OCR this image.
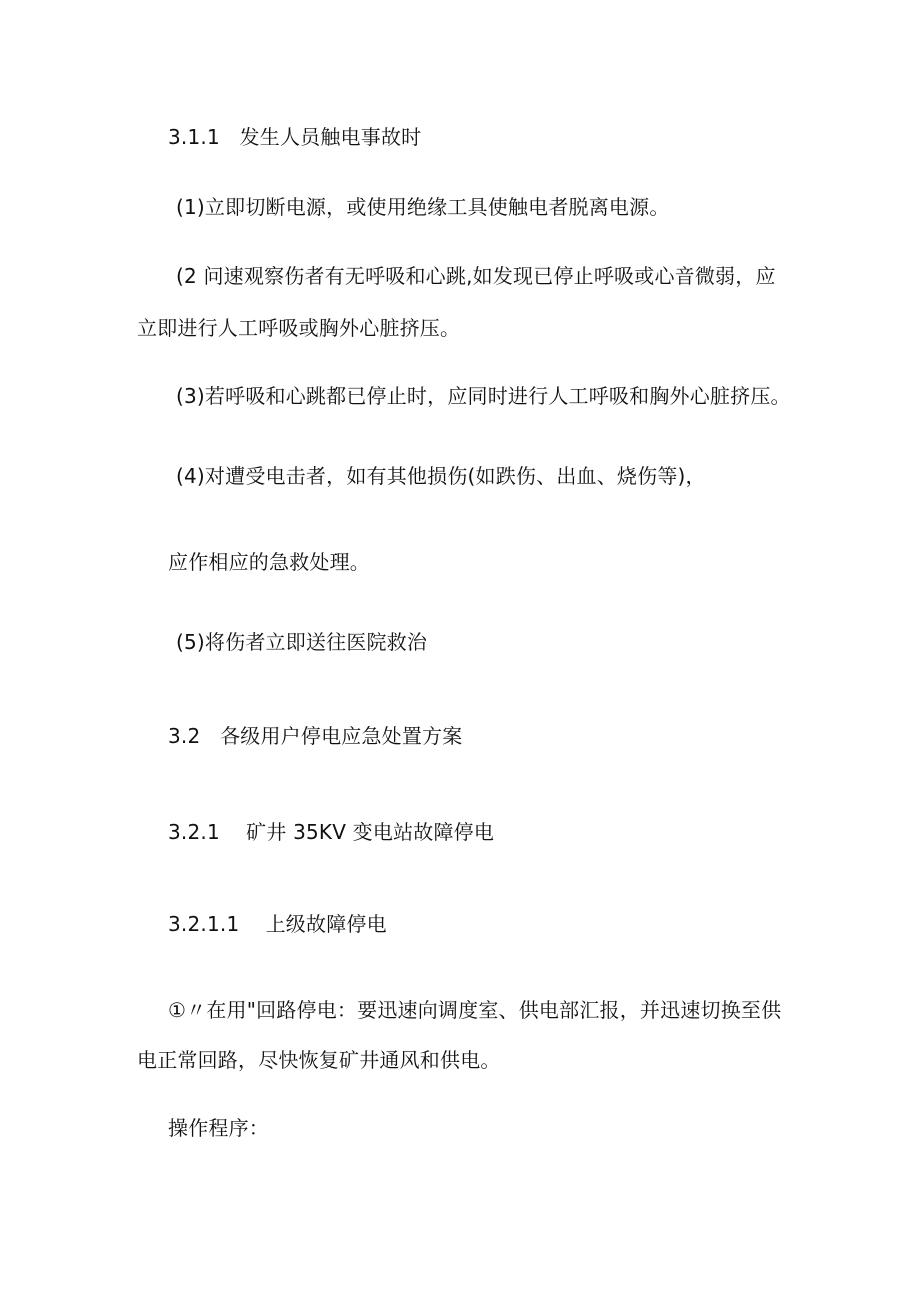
3.1.1   发生人员触电事故时
(1)立即切断电源，或使用绝缘工具使触电者脱离电源。
(2 问速观察伤者有无呼吸和心跳,如发现已停止呼吸或心音微弱，应
立即进行人工呼吸或胸外心脏挤压。
(3)若呼吸和心跳都已停止时，应同时进行人工呼吸和胸外心脏挤压。
(4)对遭受电击者，如有其他损伤(如跌伤、出血、烧伤等)，
应作相应的急救处理。
(5)将伤者立即送往医院救治
3.2   各级用户停电应急处置方案
3.2.1    矿井 35KV 变电站故障停电
3.2.1.1    上级故障停电
①〃在用"回路停电：要迅速向调度室、供电部汇报，并迅速切换至供
电正常回路，尽快恢复矿井通风和供电。
操作程序：
